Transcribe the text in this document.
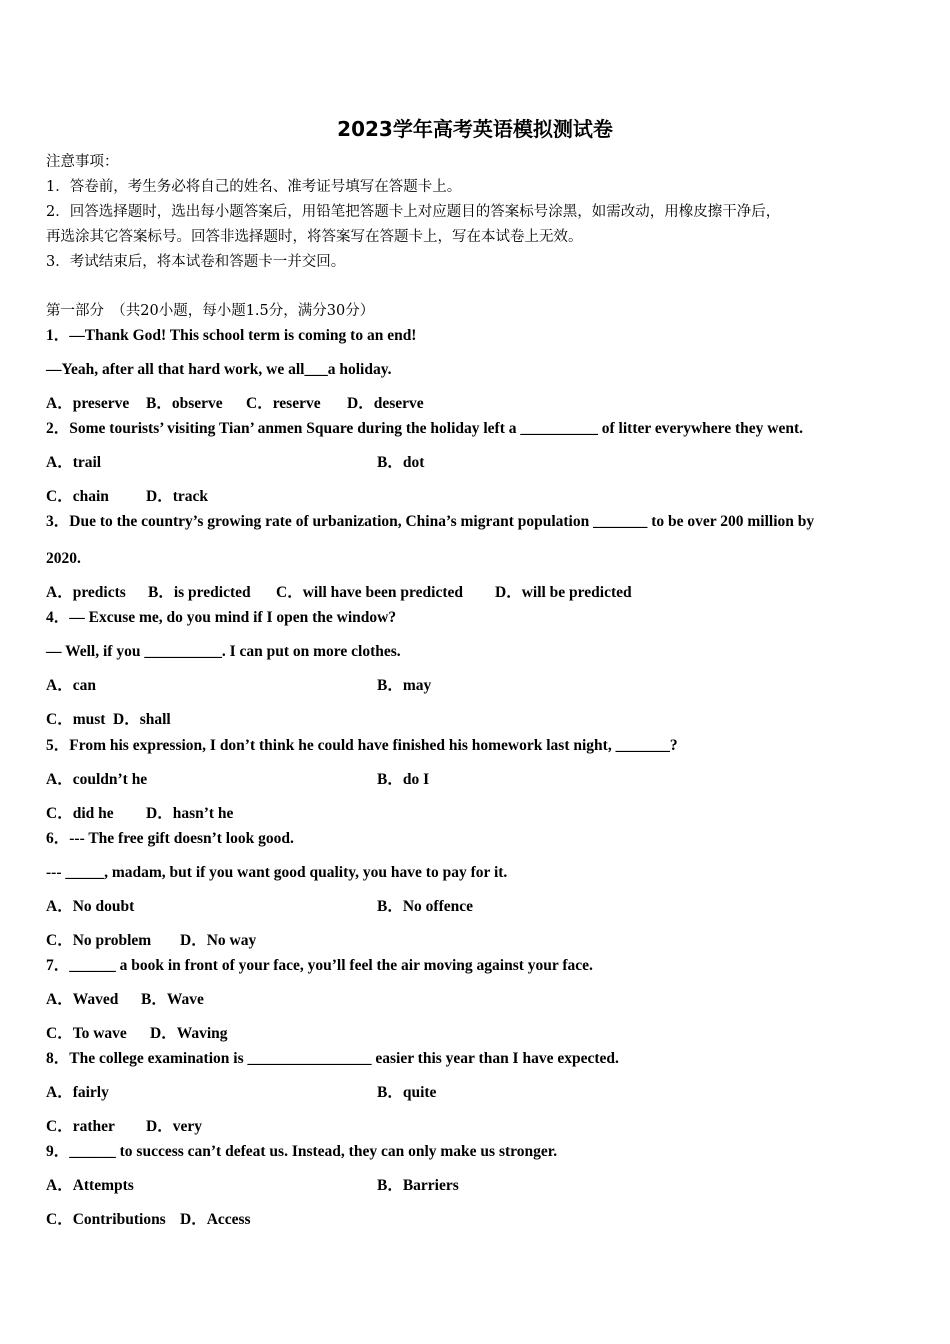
2023学年高考英语模拟测试卷
注意事项：
1．答卷前，考生务必将自己的姓名、准考证号填写在答题卡上。
2．回答选择题时，选出每小题答案后，用铅笔把答题卡上对应题目的答案标号涂黑，如需改动，用橡皮擦干净后，
再选涂其它答案标号。回答非选择题时，将答案写在答题卡上，写在本试卷上无效。
3．考试结束后，将本试卷和答题卡一并交回。
第一部分　（共20小题，每小题1.5分，满分30分）
1．—Thank God! This school term is coming to an end!
—Yeah, after all that hard work, we all___a holiday.
A．preserve B．observe C．reserve D．deserve
2．Some tourists’ visiting Tian’ anmen Square during the holiday left a __________ of litter everywhere they went.
A．trail	B．dot
C．chain D．track
3．Due to the country’s growing rate of urbanization, China’s migrant population _______ to be over 200 million by
2020.
A．predicts B．is predicted C．will have been predicted D．will be predicted
4．— Excuse me, do you mind if I open the window?
— Well, if you __________. I can put on more clothes.
A．can	B．may
C．must D．shall
5．From his expression, I don’t think he could have finished his homework last night, _______?
A．couldn’t he	B．do I
C．did he D．hasn’t he
6．--- The free gift doesn’t look good.
--- _____, madam, but if you want good quality, you have to pay for it.
A．No doubt	B．No offence
C．No problem D．No way
7．______ a book in front of your face, you’ll feel the air moving against your face.
A．Waved B．Wave
C．To wave D．Waving
8．The college examination is ________________ easier this year than I have expected.
A．fairly	B．quite
C．rather D．very
9．______ to success can’t defeat us. Instead, they can only make us stronger.
A．Attempts	B．Barriers
C．Contributions D．Access
